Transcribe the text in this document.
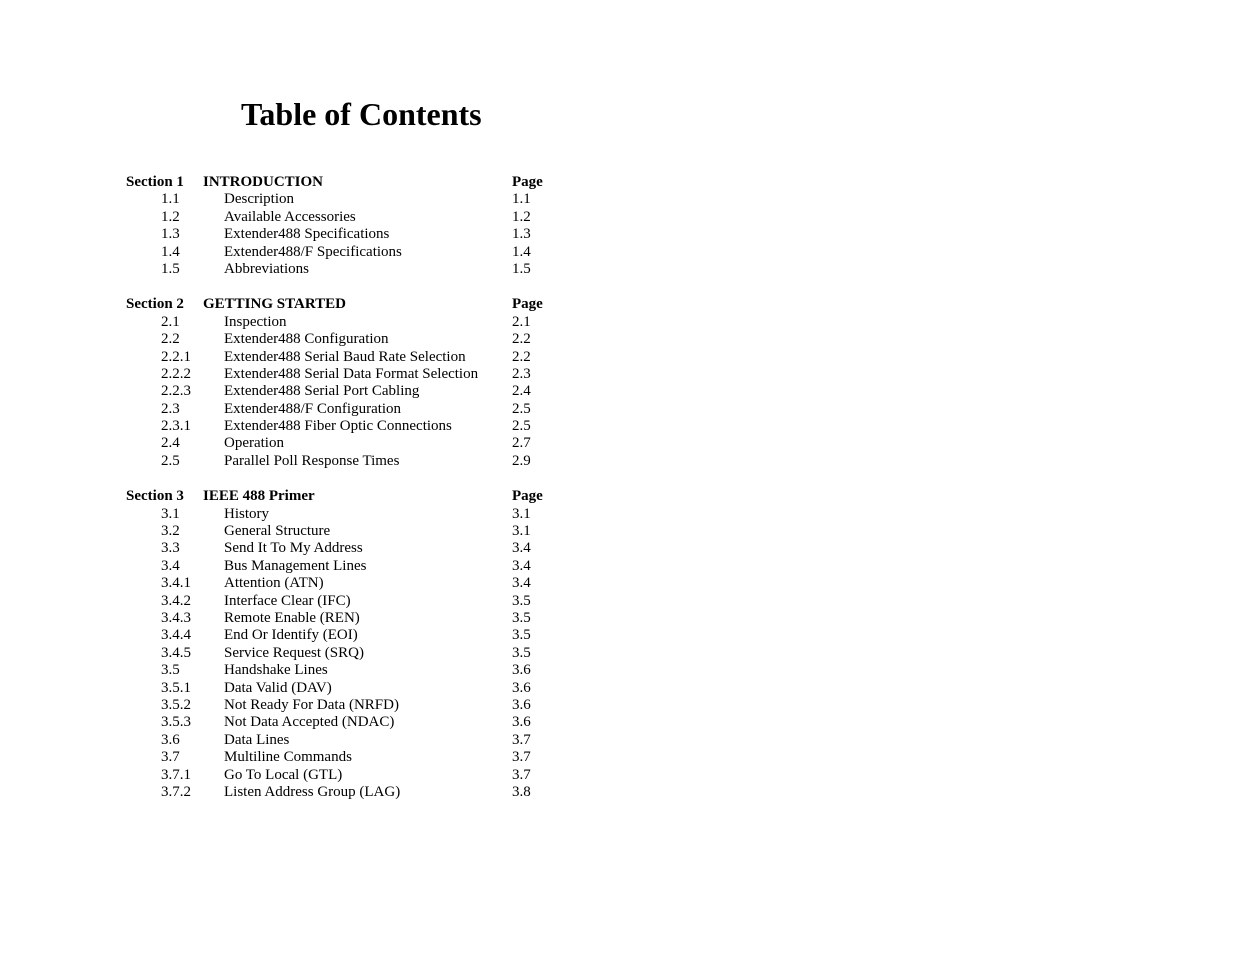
Table of Contents
Section 1 INTRODUCTION	Page
1.1	Description	1.1
1.2	Available Accessories	1.2
1.3	Extender488 Specifications	1.3
1.4	Extender488/F Specifications	1.4
1.5	Abbreviations	1.5
Section 2 GETTING STARTED	Page
2.1	Inspection	2.1
2.2	Extender488 Configuration	2.2
2.2.1 Extender488 Serial Baud Rate Selection	2.2
2.2.2 Extender488 Serial Data Format Selection 2.3
2.2.3 Extender488 Serial Port Cabling	2.4
2.3	Extender488/F Configuration	2.5
2.3.1 Extender488 Fiber Optic Connections	2.5
2.4	Operation	2.7
2.5	Parallel Poll Response Times	2.9
Section 3 IEEE 488 Primer	Page
3.1	History	3.1
3.2	General Structure	3.1
3.3	Send It To My Address	3.4
3.4	Bus Management Lines	3.4
3.4.1 Attention (ATN)	3.4
3.4.2 Interface Clear (IFC)	3.5
3.4.3 Remote Enable (REN)	3.5
3.4.4 End Or Identify (EOI)	3.5
3.4.5 Service Request (SRQ)	3.5
3.5	Handshake Lines	3.6
3.5.1 Data Valid (DAV)	3.6
3.5.2 Not Ready For Data (NRFD)	3.6
3.5.3 Not Data Accepted (NDAC)	3.6
3.6	Data Lines	3.7
3.7	Multiline Commands	3.7
3.7.1 Go To Local (GTL)	3.7
3.7.2 Listen Address Group (LAG)	3.8
